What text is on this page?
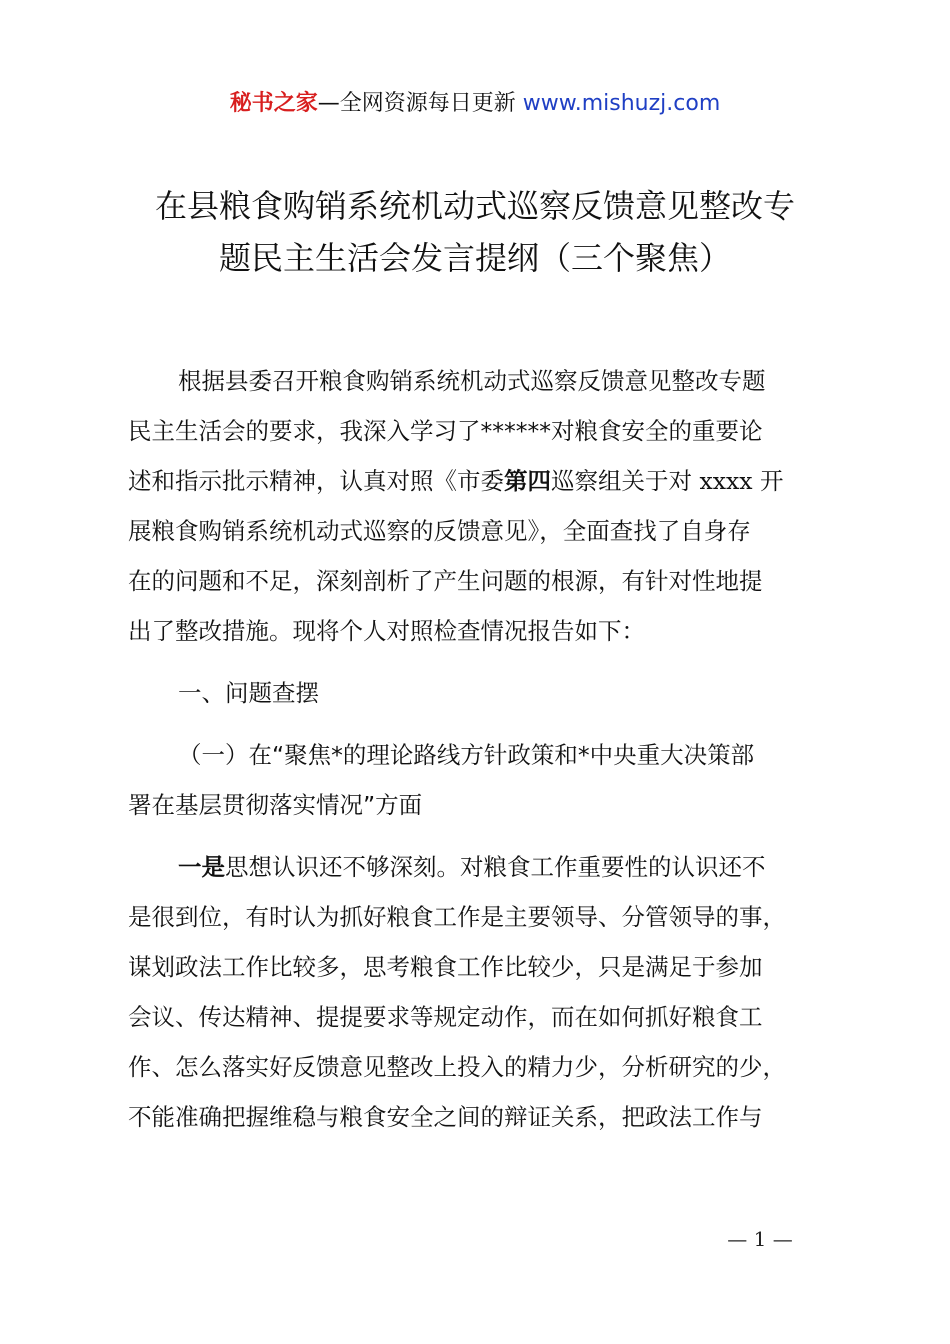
秘书之家—全网资源每日更新 www.mishuzj.com
在县粮食购销系统机动式巡察反馈意见整改专
题民主生活会发言提纲（三个聚焦）
根据县委召开粮食购销系统机动式巡察反馈意见整改专题
民主生活会的要求，我深入学习了******对粮食安全的重要论
述和指示批示精神，认真对照《市委第四巡察组关于对 xxxx 开
展粮食购销系统机动式巡察的反馈意见》，全面查找了自身存
在的问题和不足，深刻剖析了产生问题的根源，有针对性地提
出了整改措施。现将个人对照检查情况报告如下：
一、问题查摆
（一）在“聚焦*的理论路线方针政策和*中央重大决策部
署在基层贯彻落实情况”方面
一是思想认识还不够深刻。对粮食工作重要性的认识还不
是很到位，有时认为抓好粮食工作是主要领导、分管领导的事，
谋划政法工作比较多，思考粮食工作比较少，只是满足于参加
会议、传达精神、提提要求等规定动作，而在如何抓好粮食工
作、怎么落实好反馈意见整改上投入的精力少，分析研究的少，
不能准确把握维稳与粮食安全之间的辩证关系，把政法工作与
— 1 —
